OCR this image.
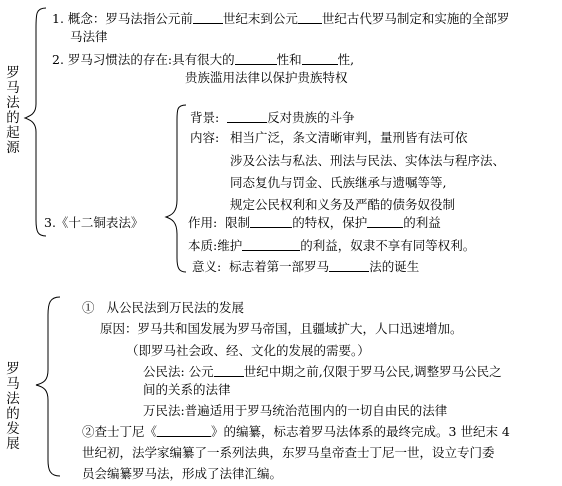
罗马法的起源
罗马法的发展
1. 概念：罗马法指公元前 世纪末到公元 世纪古代罗马制定和实施的全部罗
马法律
2. 罗马习惯法的存在:具有很大的	性和	性,
贵族滥用法律以保护贵族特权
3.《十二铜表法》
背景:	反对贵族的斗争
内容: 相当广泛，条文清晰审判，量刑皆有法可依
涉及公法与私法、刑法与民法、实体法与程序法、
同态复仇与罚金、氏族继承与遗嘱等等,
规定公民权利和义务及严酷的债务奴役制
作用: 限制	的特权，保护	的利益
本质:维护	的利益，奴隶不享有同等权利。
意义: 标志着第一部罗马	法的诞生
① 从公民法到万民法的发展
原因：罗马共和国发展为罗马帝国，且疆域扩大，人口迅速增加。
（即罗马社会政、经、文化的发展的需要。）
公民法: 公元 世纪中期之前,仅限于罗马公民,调整罗马公民之
间的关系的法律
万民法:普遍适用于罗马统治范围内的一切自由民的法律
②查士丁尼《	》的编纂，标志着罗马法体系的最终完成。3 世纪末 4
世纪初，法学家编纂了一系列法典，东罗马皇帝查士丁尼一世，设立专门委
员会编纂罗马法，形成了法律汇编。
